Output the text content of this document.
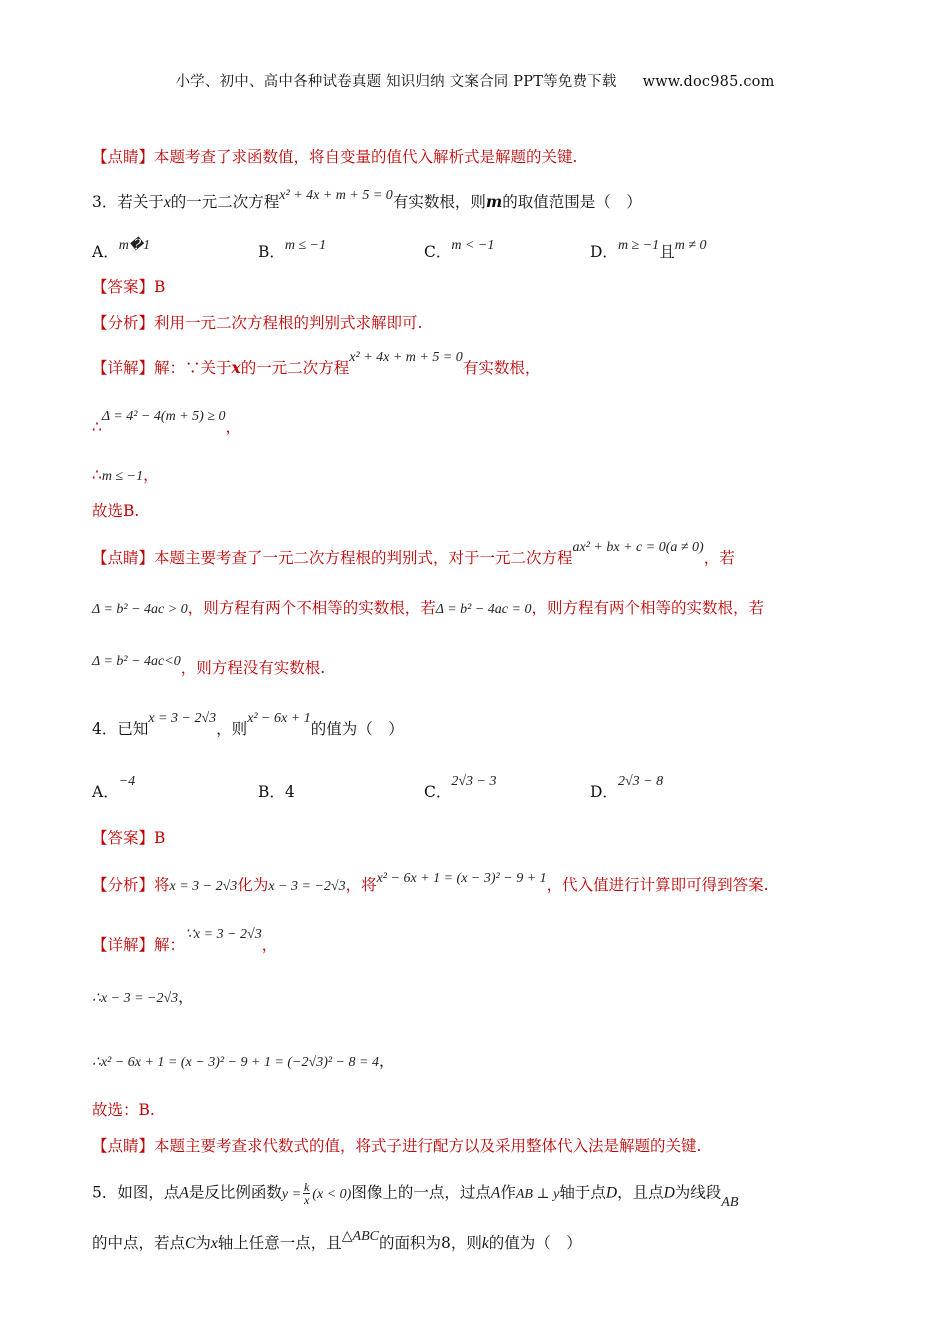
小学、初中、高中各种试卷真题 知识归纳 文案合同 PPT等免费下载 www.doc985.com
【点睛】本题考查了求函数值，将自变量的值代入解析式是解题的关键.
3．若关于x的一元二次方程x² + 4x + m + 5 = 0有实数根，则m的取值范围是（　）
A．m�1	B．m ≤ −1	C．m < −1	D．m ≥ −1且m ≠ 0
【答案】B
【分析】利用一元二次方程根的判别式求解即可.
【详解】解：∵关于x的一元二次方程x² + 4x + m + 5 = 0有实数根，
∴Δ = 4² − 4(m + 5) ≥ 0，
∴m ≤ −1，
故选B.
【点睛】本题主要考查了一元二次方程根的判别式，对于一元二次方程ax² + bx + c = 0(a ≠ 0)，若
Δ = b² − 4ac > 0，则方程有两个不相等的实数根，若Δ = b² − 4ac = 0，则方程有两个相等的实数根，若
Δ = b² − 4ac<0，则方程没有实数根.
4．已知x = 3 − 2√3，则x² − 6x + 1的值为（　）
A．−4
B．4	C．2√3 − 3
D．2√3 − 8
【答案】B
【分析】将x = 3 − 2√3化为x − 3 = −2√3，将x² − 6x + 1 = (x − 3)² − 9 + 1，代入值进行计算即可得到答案.
【详解】解：∵x = 3 − 2√3，
∴x − 3 = −2√3，
∴x² − 6x + 1 = (x − 3)² − 9 + 1 = (−2√3)² − 8 = 4，
故选：B.
【点睛】本题主要考查求代数式的值，将式子进行配方以及采用整体代入法是解题的关键.
5．如图，点A是反比例函数$y = \frac{k}{x} (x < 0)$图像上的一点，过点A作AB ⊥ y轴于点D，且点D为线段AB
的中点，若点C为x轴上任意一点，且△ABC的面积为8，则k的值为（　）
